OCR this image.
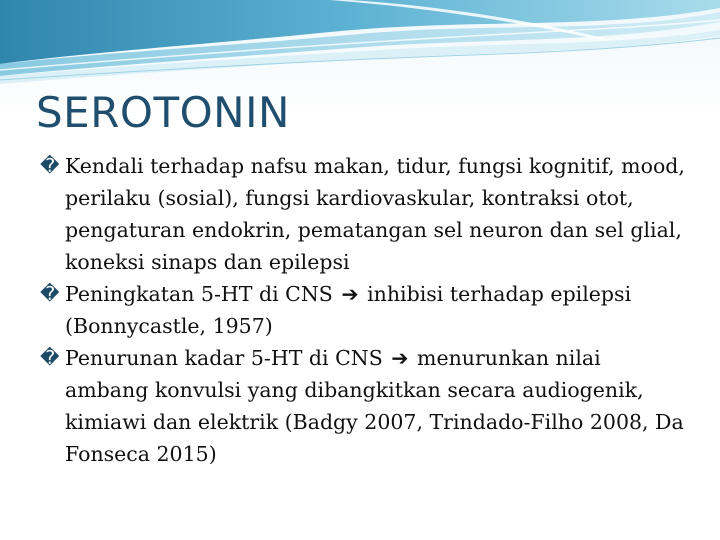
SEROTONIN
� Kendali terhadap nafsu makan, tidur, fungsi kognitif, mood, perilaku (sosial), fungsi kardiovaskular, kontraksi otot, pengaturan endokrin, pematangan sel neuron dan sel glial, koneksi sinaps dan epilepsi
� Peningkatan 5-HT di CNS ➔ inhibisi terhadap epilepsi (Bonnycastle, 1957)
� Penurunan kadar 5-HT di CNS ➔ menurunkan nilai ambang konvulsi yang dibangkitkan secara audiogenik, kimiawi dan elektrik (Badgy 2007, Trindado-Filho 2008, Da Fonseca 2015)
